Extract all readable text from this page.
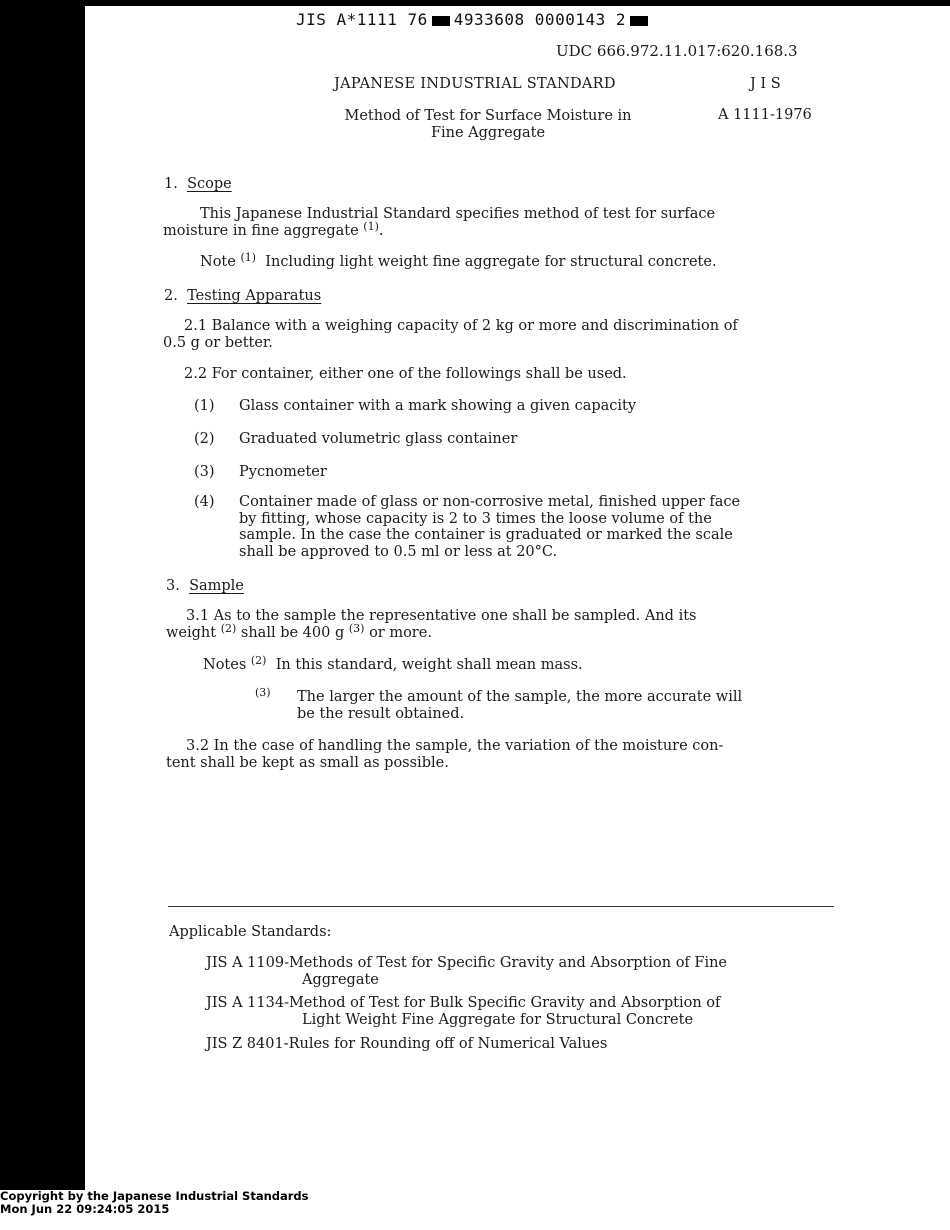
JIS A*1111 76 4933608 0000143 2
UDC 666.972.11.017:620.168.3
JAPANESE INDUSTRIAL STANDARD	J I S
Method of Test for Surface Moisture in
Fine Aggregate
A 1111-1976
1. Scope
This Japanese Industrial Standard specifies method of test for surface
moisture in fine aggregate $^{(1)}$.
Note $^{(1)}$ Including light weight fine aggregate for structural concrete.
2. Testing Apparatus
2.1 Balance with a weighing capacity of 2 kg or more and discrimination of
0.5 g or better.
2.2 For container, either one of the followings shall be used.
(1) Glass container with a mark showing a given capacity
(2) Graduated volumetric glass container
(3) Pycnometer
(4) Container made of glass or non-corrosive metal, finished upper face
by fitting, whose capacity is 2 to 3 times the loose volume of the
sample. In the case the container is graduated or marked the scale
shall be approved to 0.5 ml or less at 20°C.
3. Sample
3.1 As to the sample the representative one shall be sampled. And its
weight $^{(2)}$ shall be 400 g $^{(3)}$ or more.
Notes $^{(2)}$ In this standard, weight shall mean mass.
$^{(3)}$ The larger the amount of the sample, the more accurate will
be the result obtained.
3.2 In the case of handling the sample, the variation of the moisture con-
tent shall be kept as small as possible.
Applicable Standards:
JIS A 1109-Methods of Test for Specific Gravity and Absorption of Fine
Aggregate
JIS A 1134-Method of Test for Bulk Specific Gravity and Absorption of
Light Weight Fine Aggregate for Structural Concrete
JIS Z 8401-Rules for Rounding off of Numerical Values
Copyright by the Japanese Industrial Standards
Mon Jun 22 09:24:05 2015
